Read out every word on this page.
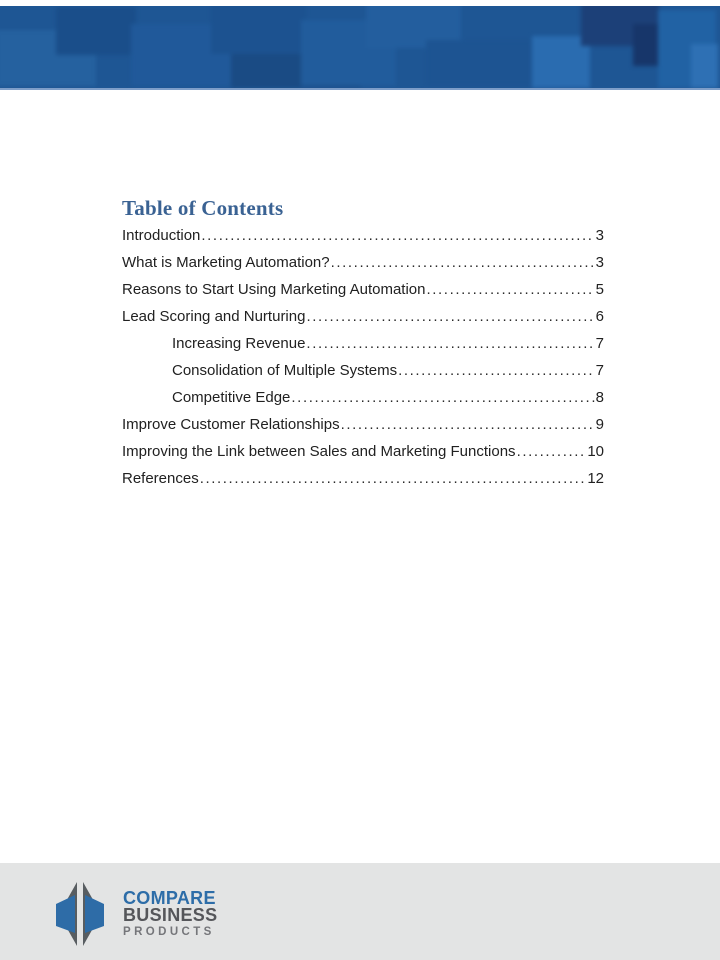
Table of Contents
Introduction .....	3
What is Marketing Automation? .....	3
Reasons to Start Using Marketing Automation .....	5
Lead Scoring and Nurturing .....	6
Increasing Revenue .....	7
Consolidation of Multiple Systems .....	7
Competitive Edge .....	8
Improve Customer Relationships .....	9
Improving the Link between Sales and Marketing Functions .....	10
References .....	12
COMPARE
BUSINESS
PRODUCTS
